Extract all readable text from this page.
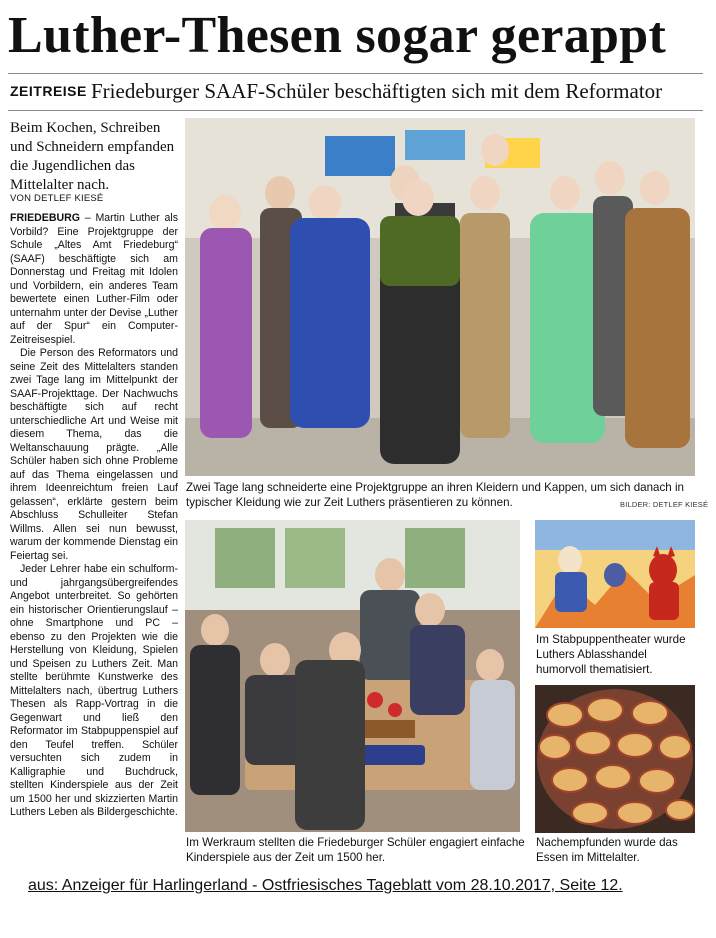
Luther-Thesen sogar gerappt
ZEITREISE Friedeburger SAAF-Schüler beschäftigten sich mit dem Reformator
Beim Kochen, Schreiben und Schneidern empfanden die Jugendlichen das Mittelalter nach.
VON DETLEF KIESÉ

FRIEDEBURG – Martin Luther als Vorbild? Eine Projektgruppe der Schule „Altes Amt Friedeburg“ (SAAF) beschäftigte sich am Donnerstag und Freitag mit Idolen und Vorbildern, ein anderes Team bewertete einen Luther-Film oder unternahm unter der Devise „Luther auf der Spur“ ein Computer-Zeitreisespiel.

Die Person des Reformators und seine Zeit des Mittelalters standen zwei Tage lang im Mittelpunkt der SAAF-Projekttage. Der Nachwuchs beschäftigte sich auf recht unterschiedliche Art und Weise mit diesem Thema, das die Weltanschauung prägte. „Alle Schüler haben sich ohne Probleme auf das Thema eingelassen und ihrem Ideenreichtum freien Lauf gelassen“, erklärte gestern beim Abschluss Schulleiter Stefan Willms. Allen sei nun bewusst, warum der kommende Dienstag ein Feiertag sei.

Jeder Lehrer habe ein schulform- und jahrgangsübergreifendes Angebot unterbreitet. So gehörten ein historischer Orientierungslauf – ohne Smartphone und PC – ebenso zu den Projekten wie die Herstellung von Kleidung, Spielen und Speisen zu Luthers Zeit. Man stellte berühmte Kunstwerke des Mittelalters nach, übertrug Luthers Thesen als Rapp-Vortrag in die Gegenwart und ließ den Reformator im Stabpuppenspiel auf den Teufel treffen. Schüler versuchten sich zudem in Kalligraphie und Buchdruck, stellten Kinderspiele aus der Zeit um 1500 her und skizzierten Martin Luthers Leben als Bildergeschichte.

Zwei Tage lang schneiderte eine Projektgruppe an ihren Kleidern und Kappen, um sich danach in typischer Kleidung wie zur Zeit Luthers präsentieren zu können.	BILDER: DETLEF KIESÉ
Im Werkraum stellten die Friedeburger Schüler engagiert einfache Kinderspiele aus der Zeit um 1500 her.
Im Stabpuppentheater wurde Luthers Ablasshandel humorvoll thematisiert.
Nachempfunden wurde das Essen im Mittelalter.
aus: Anzeiger für Harlingerland - Ostfriesisches Tageblatt vom 28.10.2017, Seite 12.
